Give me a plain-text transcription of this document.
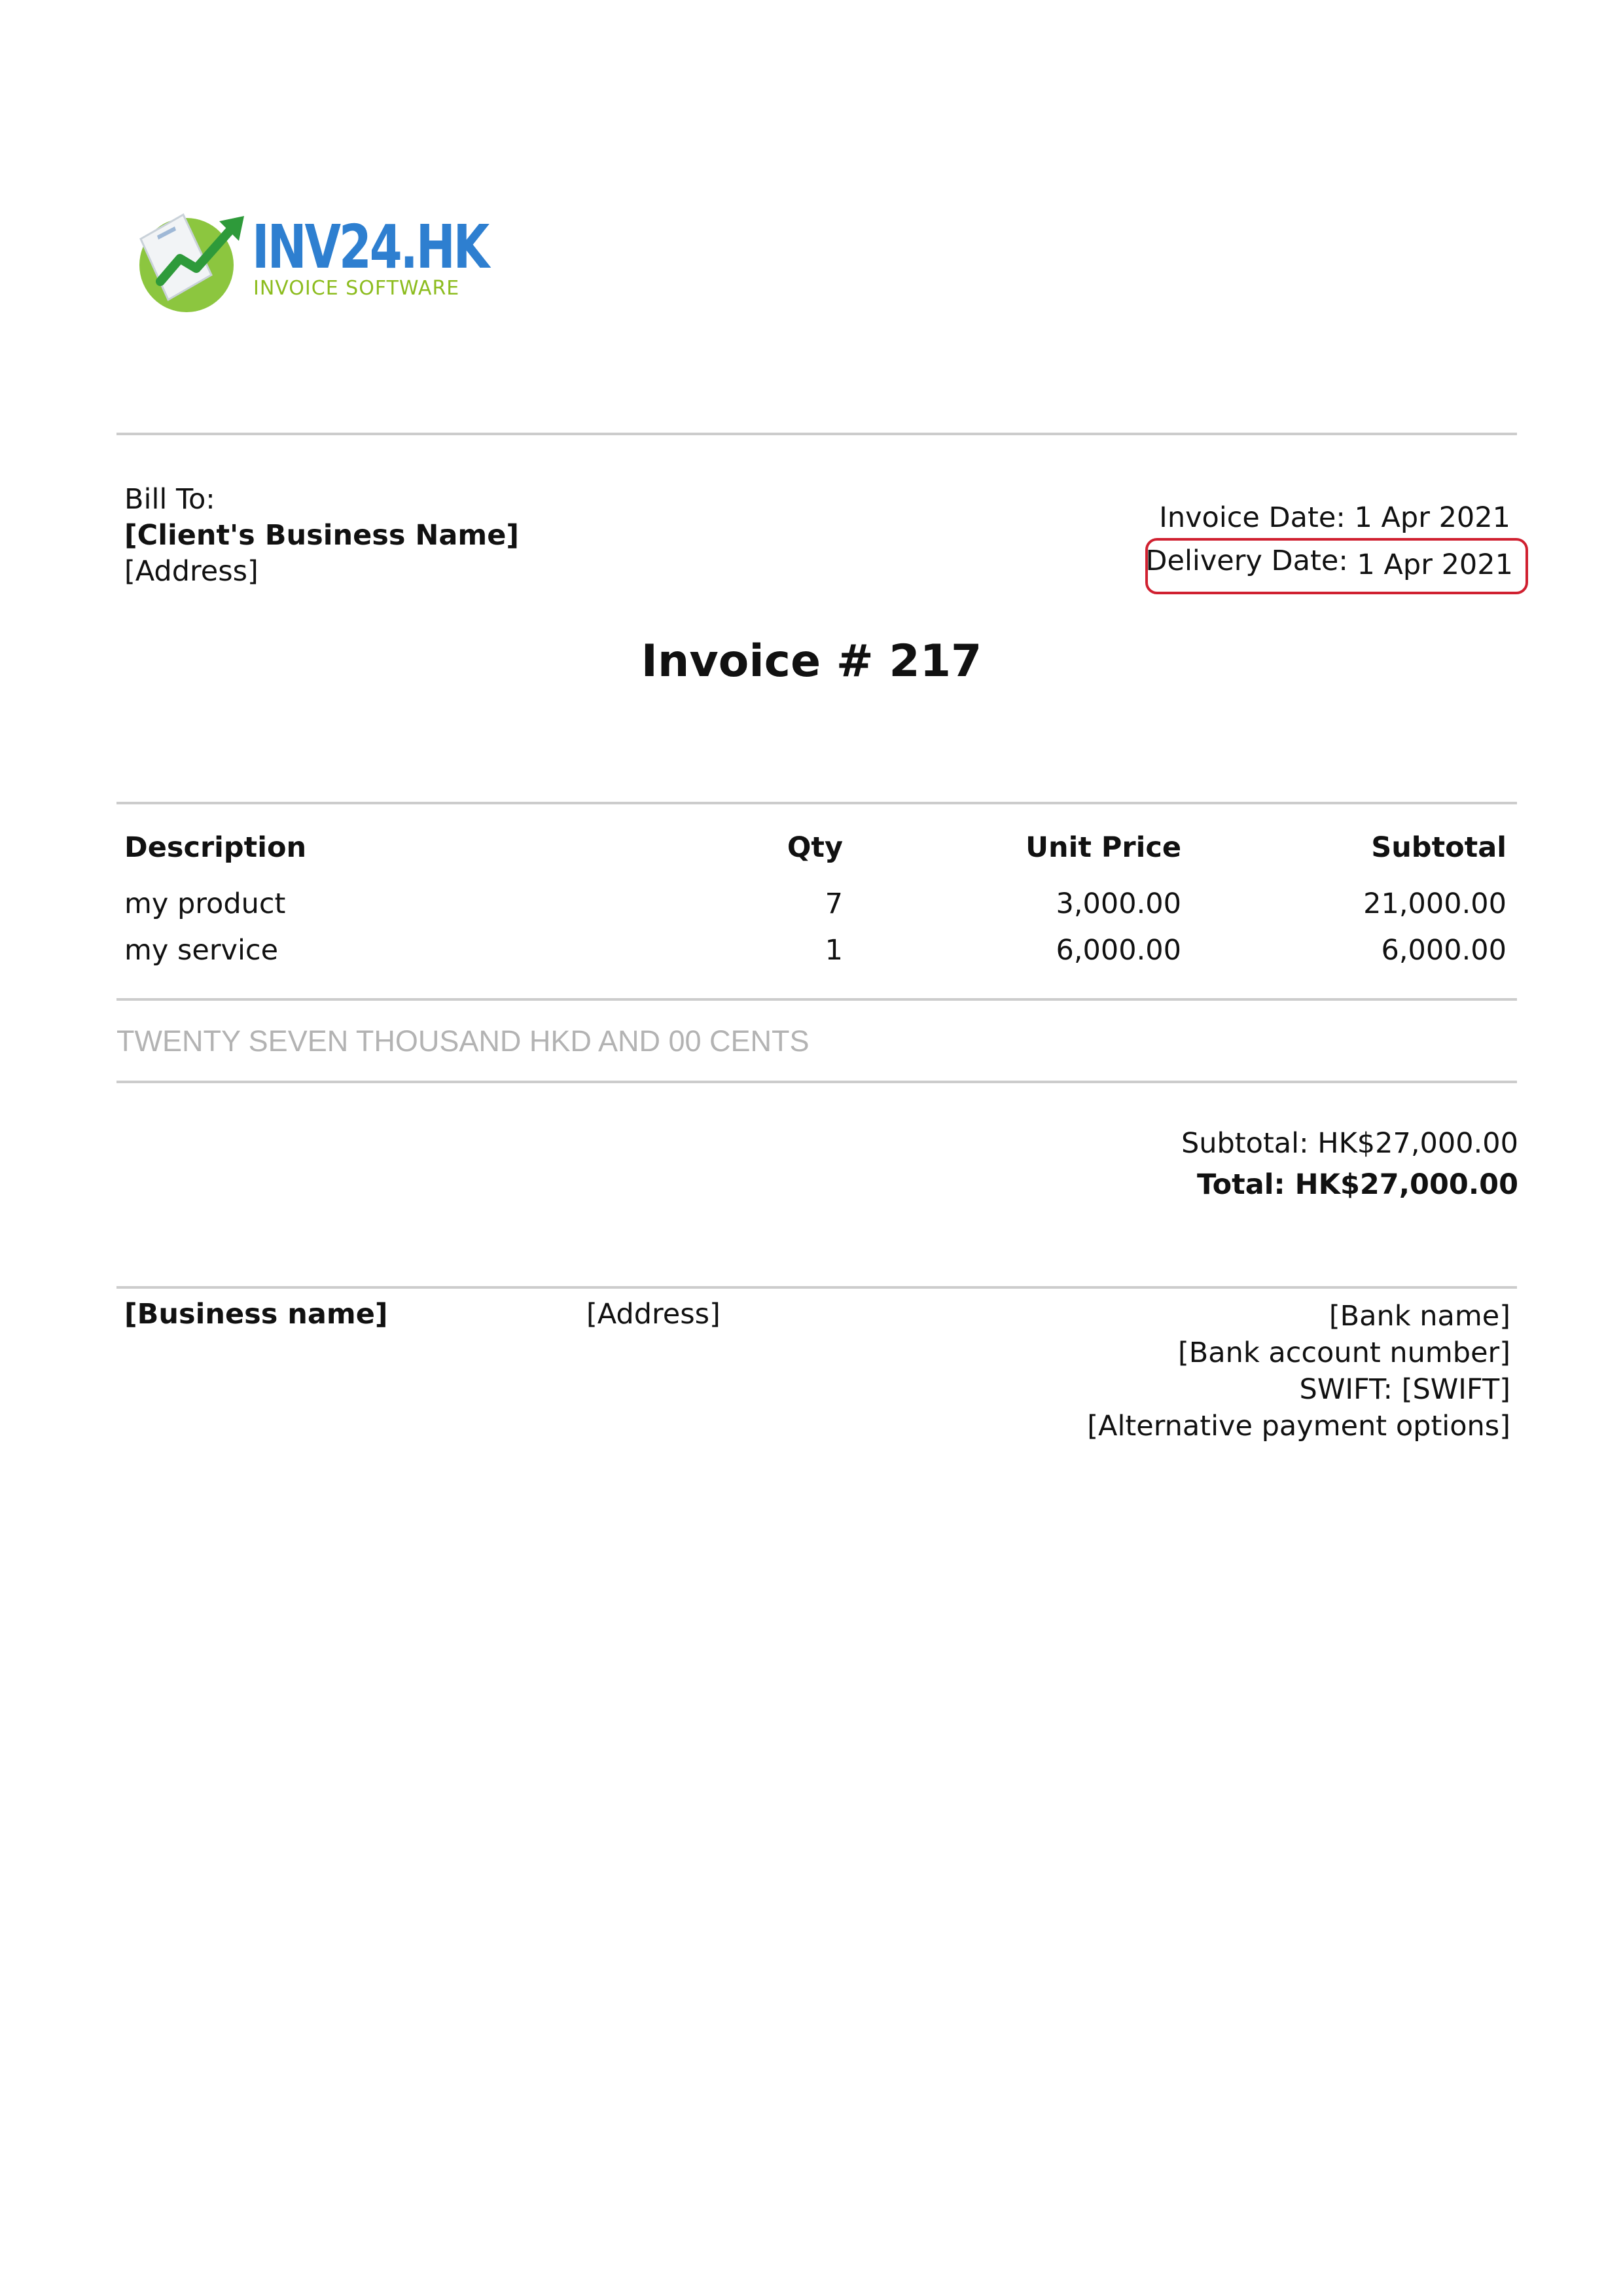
INV24.HK
INVOICE SOFTWARE
Bill To:
[Client's Business Name]
[Address]
Invoice Date: 1 Apr 2021
Delivery Date: 1 Apr 2021
Invoice # 217
Description	Qty	Unit Price	Subtotal
my product	7	3,000.00	21,000.00
my service	1	6,000.00	6,000.00
TWENTY SEVEN THOUSAND HKD AND 00 CENTS
Subtotal: HK$27,000.00
Total: HK$27,000.00
[Business name]	[Address]	[Bank name]
[Bank account number]
SWIFT: [SWIFT]
[Alternative payment options]
